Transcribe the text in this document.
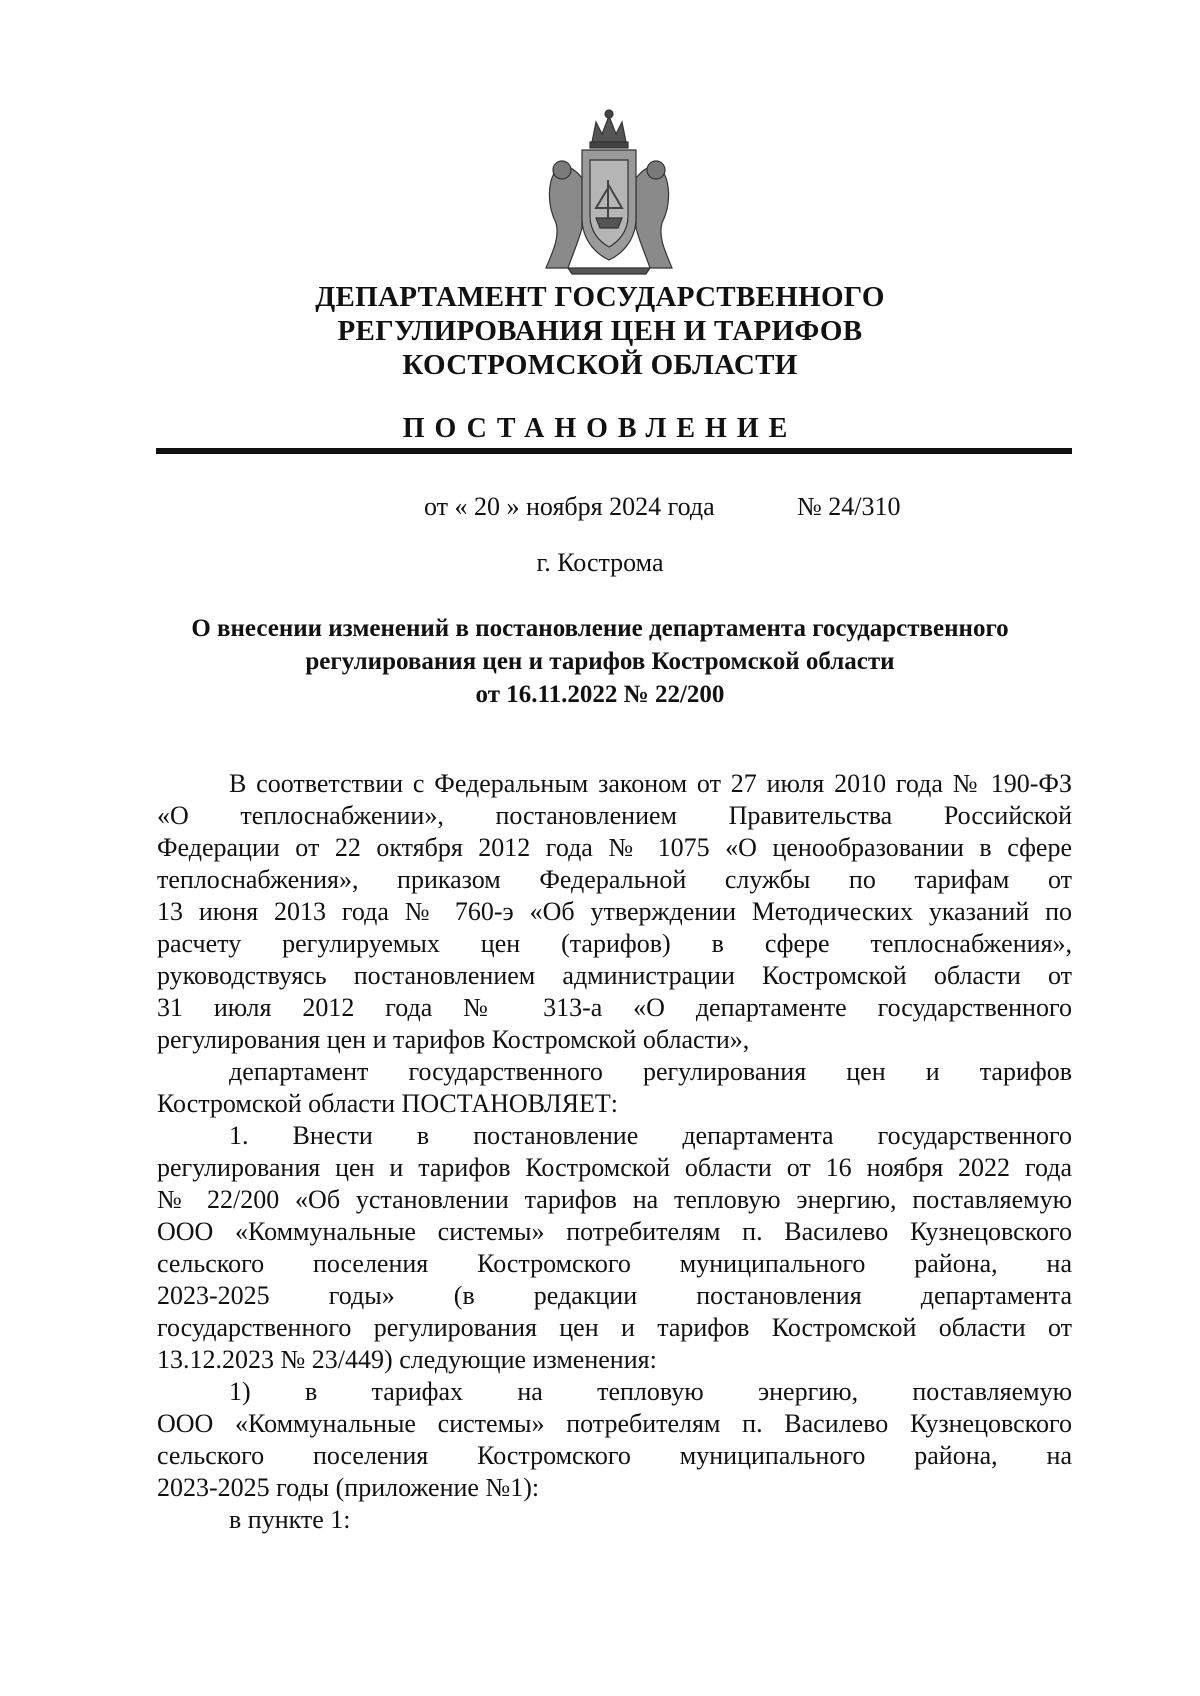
ДЕПАРТАМЕНТ ГОСУДАРСТВЕННОГО
РЕГУЛИРОВАНИЯ ЦЕН И ТАРИФОВ
КОСТРОМСКОЙ ОБЛАСТИ
ПОСТАНОВЛЕНИЕ
от « 20 » ноября 2024 года	№ 24/310
г. Кострома
О внесении изменений в постановление департамента государственного
регулирования цен и тарифов Костромской области
от 16.11.2022 № 22/200
В соответствии с Федеральным законом от 27 июля 2010 года № 190-ФЗ
«О теплоснабжении», постановлением Правительства Российской
Федерации от 22 октября 2012 года № 1075 «О ценообразовании в сфере
теплоснабжения», приказом Федеральной службы по тарифам от
13 июня 2013 года № 760-э «Об утверждении Методических указаний по
расчету регулируемых цен (тарифов) в сфере теплоснабжения»,
руководствуясь постановлением администрации Костромской области от
31 июля 2012 года № 313-а «О департаменте государственного
регулирования цен и тарифов Костромской области»,
департамент государственного регулирования цен и тарифов
Костромской области ПОСТАНОВЛЯЕТ:
1. Внести в постановление департамента государственного
регулирования цен и тарифов Костромской области от 16 ноября 2022 года
№ 22/200 «Об установлении тарифов на тепловую энергию, поставляемую
ООО «Коммунальные системы» потребителям п. Василево Кузнецовского
сельского поселения Костромского муниципального района, на
2023-2025 годы» (в редакции постановления департамента
государственного регулирования цен и тарифов Костромской области от
13.12.2023 № 23/449) следующие изменения:
1) в тарифах на тепловую энергию, поставляемую
ООО «Коммунальные системы» потребителям п. Василево Кузнецовского
сельского поселения Костромского муниципального района, на
2023-2025 годы (приложение №1):
в пункте 1:
